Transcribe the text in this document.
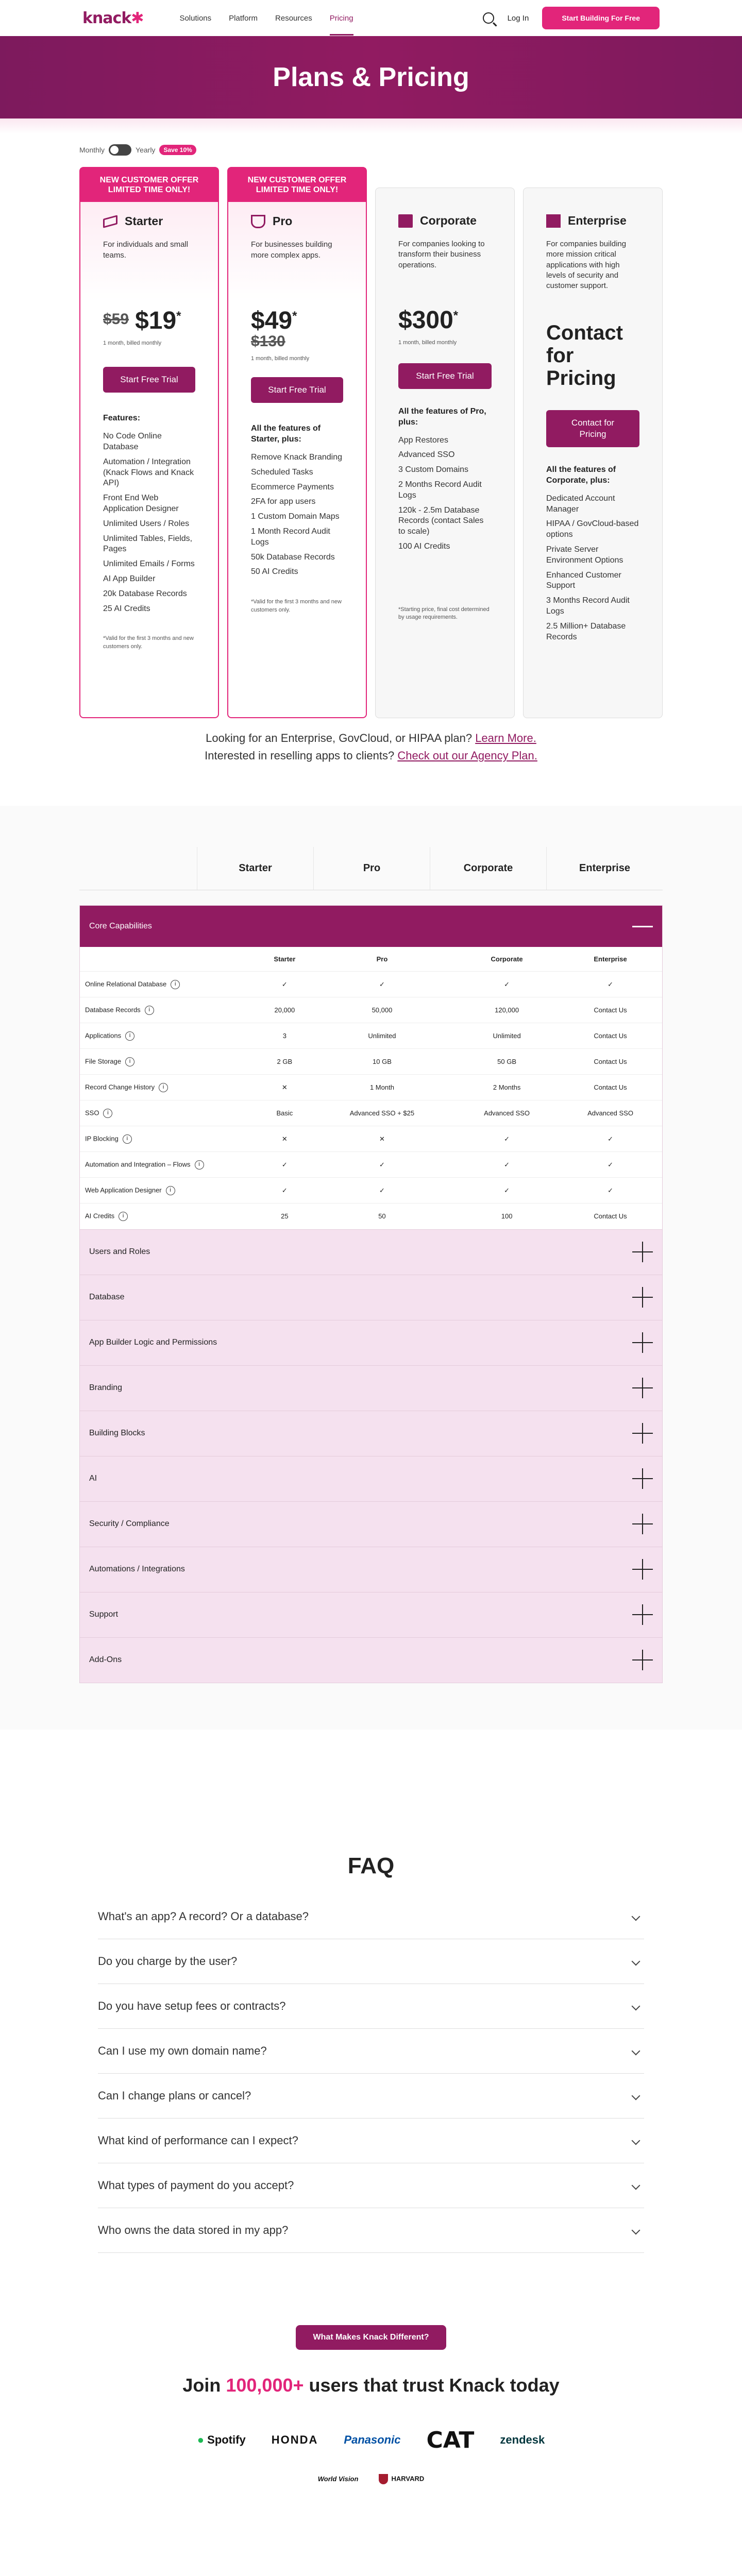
knack✱	Solutions Platform Resources Pricing	Log In	Start Building For Free
Plans & Pricing
Monthly	Yearly	Save 10%
NEW CUSTOMER OFFER LIMITED TIME ONLY!
Starter
For individuals and small teams.
$59 $19*
1 month, billed monthly
Start Free Trial
Features:
No Code Online Database
Automation / Integration (Knack Flows and Knack API)
Front End Web Application Designer
Unlimited Users / Roles
Unlimited Tables, Fields, Pages
Unlimited Emails / Forms
AI App Builder
20k Database Records
25 AI Credits
*Valid for the first 3 months and new customers only.
NEW CUSTOMER OFFER LIMITED TIME ONLY!
Pro
For businesses building more complex apps.
$49*
$130
1 month, billed monthly
Start Free Trial
All the features of Starter, plus:
Remove Knack Branding
Scheduled Tasks
Ecommerce Payments
2FA for app users
1 Custom Domain Maps
1 Month Record Audit Logs
50k Database Records
50 AI Credits
*Valid for the first 3 months and new customers only.
Corporate
For companies looking to transform their business operations.
$300*
1 month, billed monthly
Start Free Trial
All the features of Pro, plus:
App Restores
Advanced SSO
3 Custom Domains
2 Months Record Audit Logs
120k - 2.5m Database Records (contact Sales to scale)
100 AI Credits
*Starting price, final cost determined by usage requirements.
Enterprise
For companies building more mission critical applications with high levels of security and customer support.
Contact for Pricing
Contact for Pricing
All the features of Corporate, plus:
Dedicated Account Manager
HIPAA / GovCloud-based options
Private Server Environment Options
Enhanced Customer Support
3 Months Record Audit Logs
2.5 Million+ Database Records
Looking for an Enterprise, GovCloud, or HIPAA plan? Learn More.
Interested in reselling apps to clients? Check out our Agency Plan.
Starter	Pro	Corporate	Enterprise
Core Capabilities
	Starter	Pro	Corporate	Enterprise
Online Relational Database i	✓	✓	✓	✓
Database Records i	20,000	50,000	120,000	Contact Us
Applications i	3	Unlimited	Unlimited	Contact Us
File Storage i	2 GB	10 GB	50 GB	Contact Us
Record Change History i	✕	1 Month	2 Months	Contact Us
SSO i	Basic	Advanced SSO + $25	Advanced SSO	Advanced SSO
IP Blocking i	✕	✕	✓	✓
Automation and Integration – Flows i	✓	✓	✓	✓
Web Application Designer i	✓	✓	✓	✓
AI Credits i	25	50	100	Contact Us
Users and Roles
Database
App Builder Logic and Permissions
Branding
Building Blocks
AI
Security / Compliance
Automations / Integrations
Support
Add-Ons
FAQ
What's an app? A record? Or a database?
Do you charge by the user?
Do you have setup fees or contracts?
Can I use my own domain name?
Can I change plans or cancel?
What kind of performance can I expect?
What types of payment do you accept?
Who owns the data stored in my app?
What Makes Knack Different?
Join 100,000+ users that trust Knack today
● Spotify HONDA Panasonic CAT zendesk
World Vision	HARVARD
